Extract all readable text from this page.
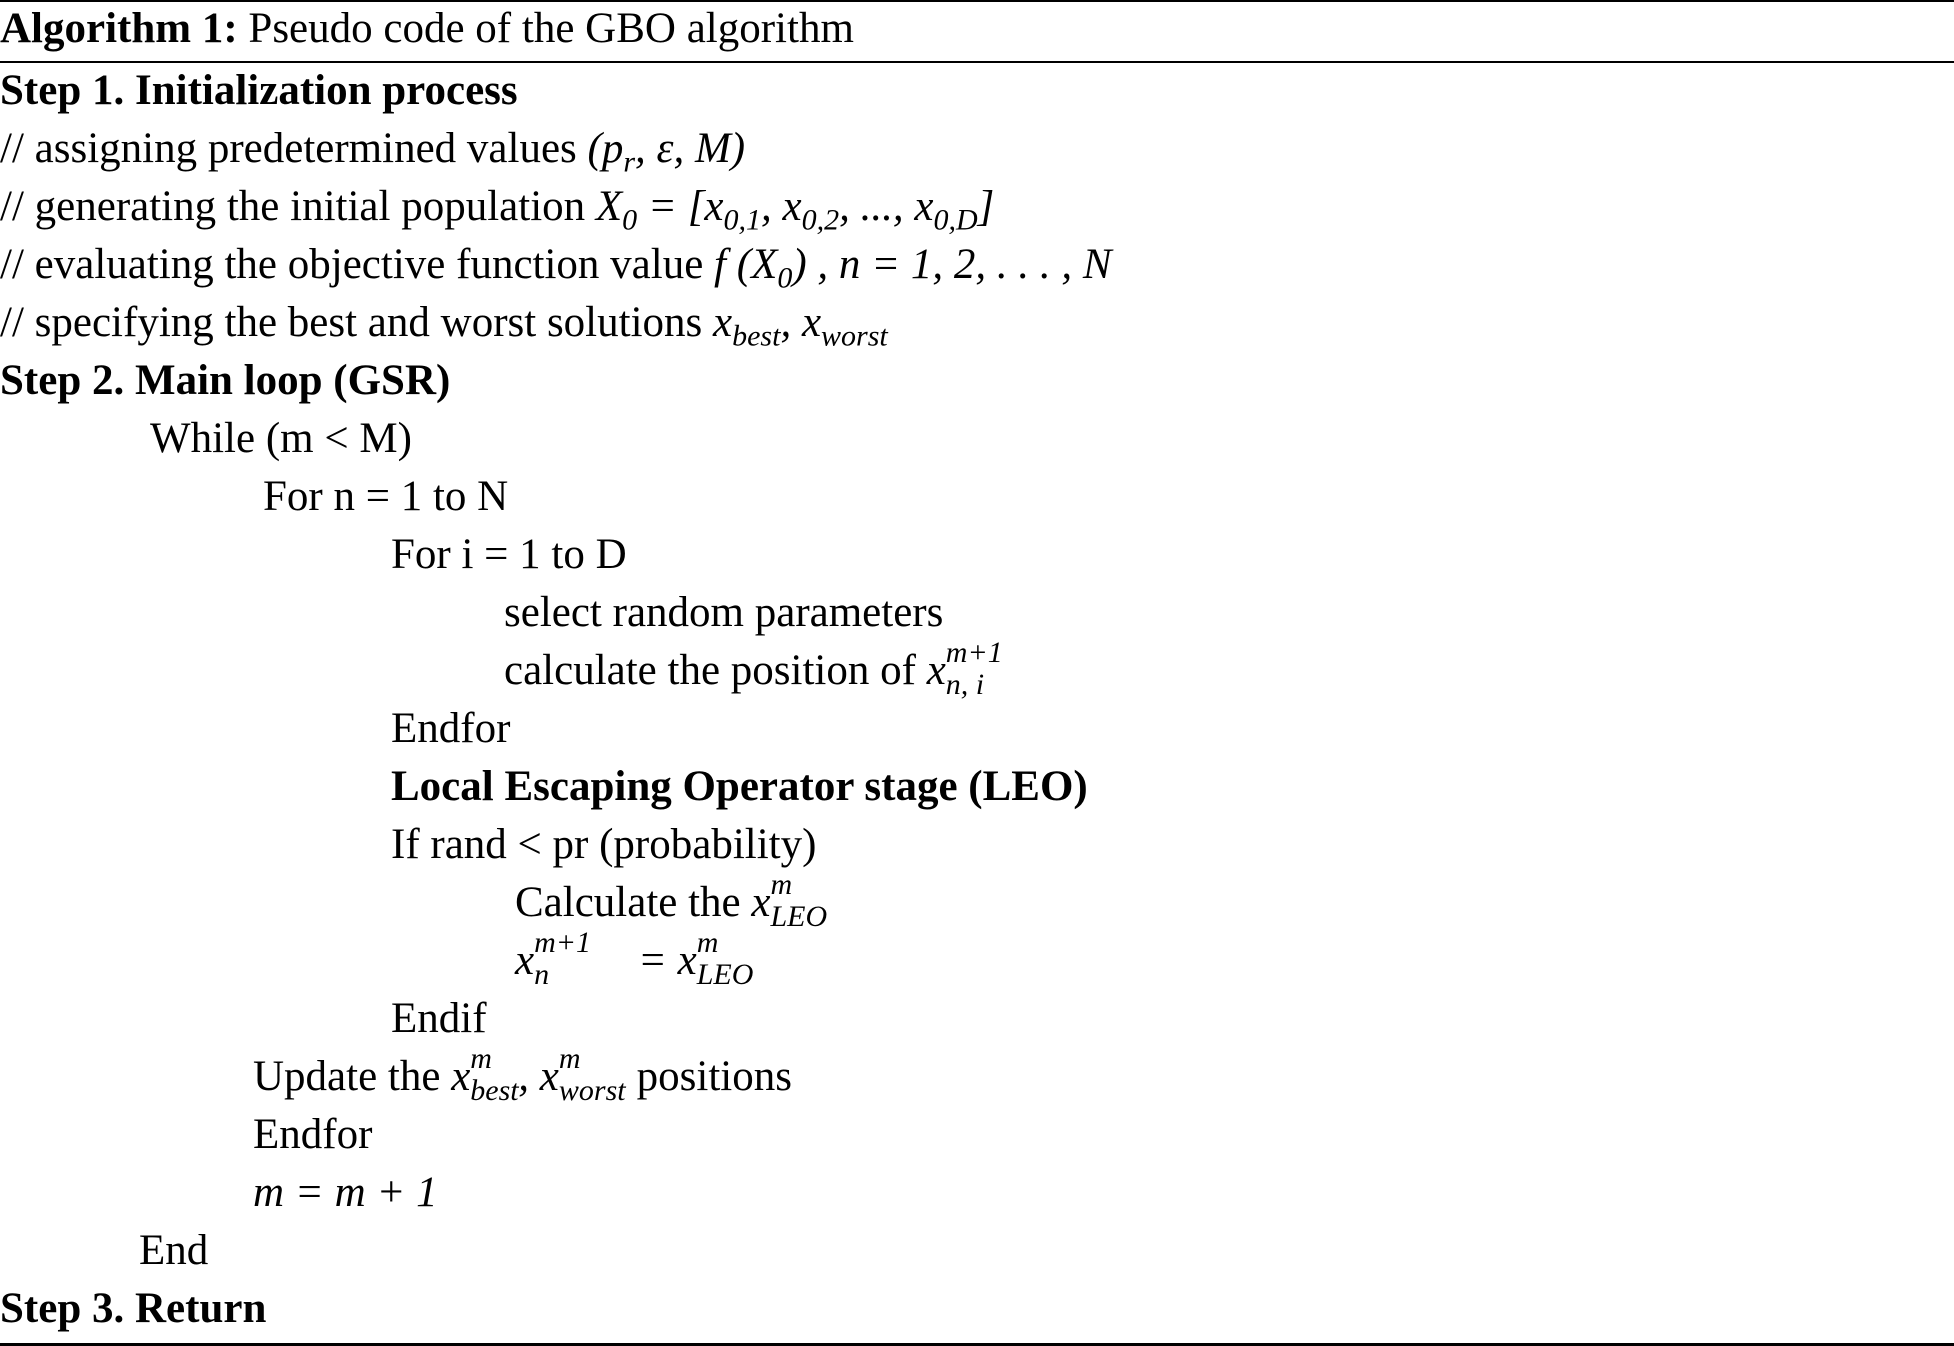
Algorithm 1: Pseudo code of the GBO algorithm
Step 1. Initialization process
// assigning predetermined values ($p_r$, ε, M)
// generating the initial population $X_0 = [x_{0,1}$, $x_{0,2}$, ..., $x_{0,D}$]
// evaluating the objective function value f $(X_0)$ , n = 1, 2, . . . , N
// specifying the best and worst solutions $x_{best}$, $x_{worst}$
Step 2. Main loop (GSR)
While (m < M)
For n = 1 to N
For i = 1 to D
select random parameters
calculate the position of x m+1
n, i
Endfor
Local Escaping Operator stage (LEO)
If rand < pr (probability)
Calculate the x m
LEO
x m+1
n = x m
LEO
Endif
Update the x m
best, x m
worst positions
Endfor
m = m + 1
End
Step 3. Return
